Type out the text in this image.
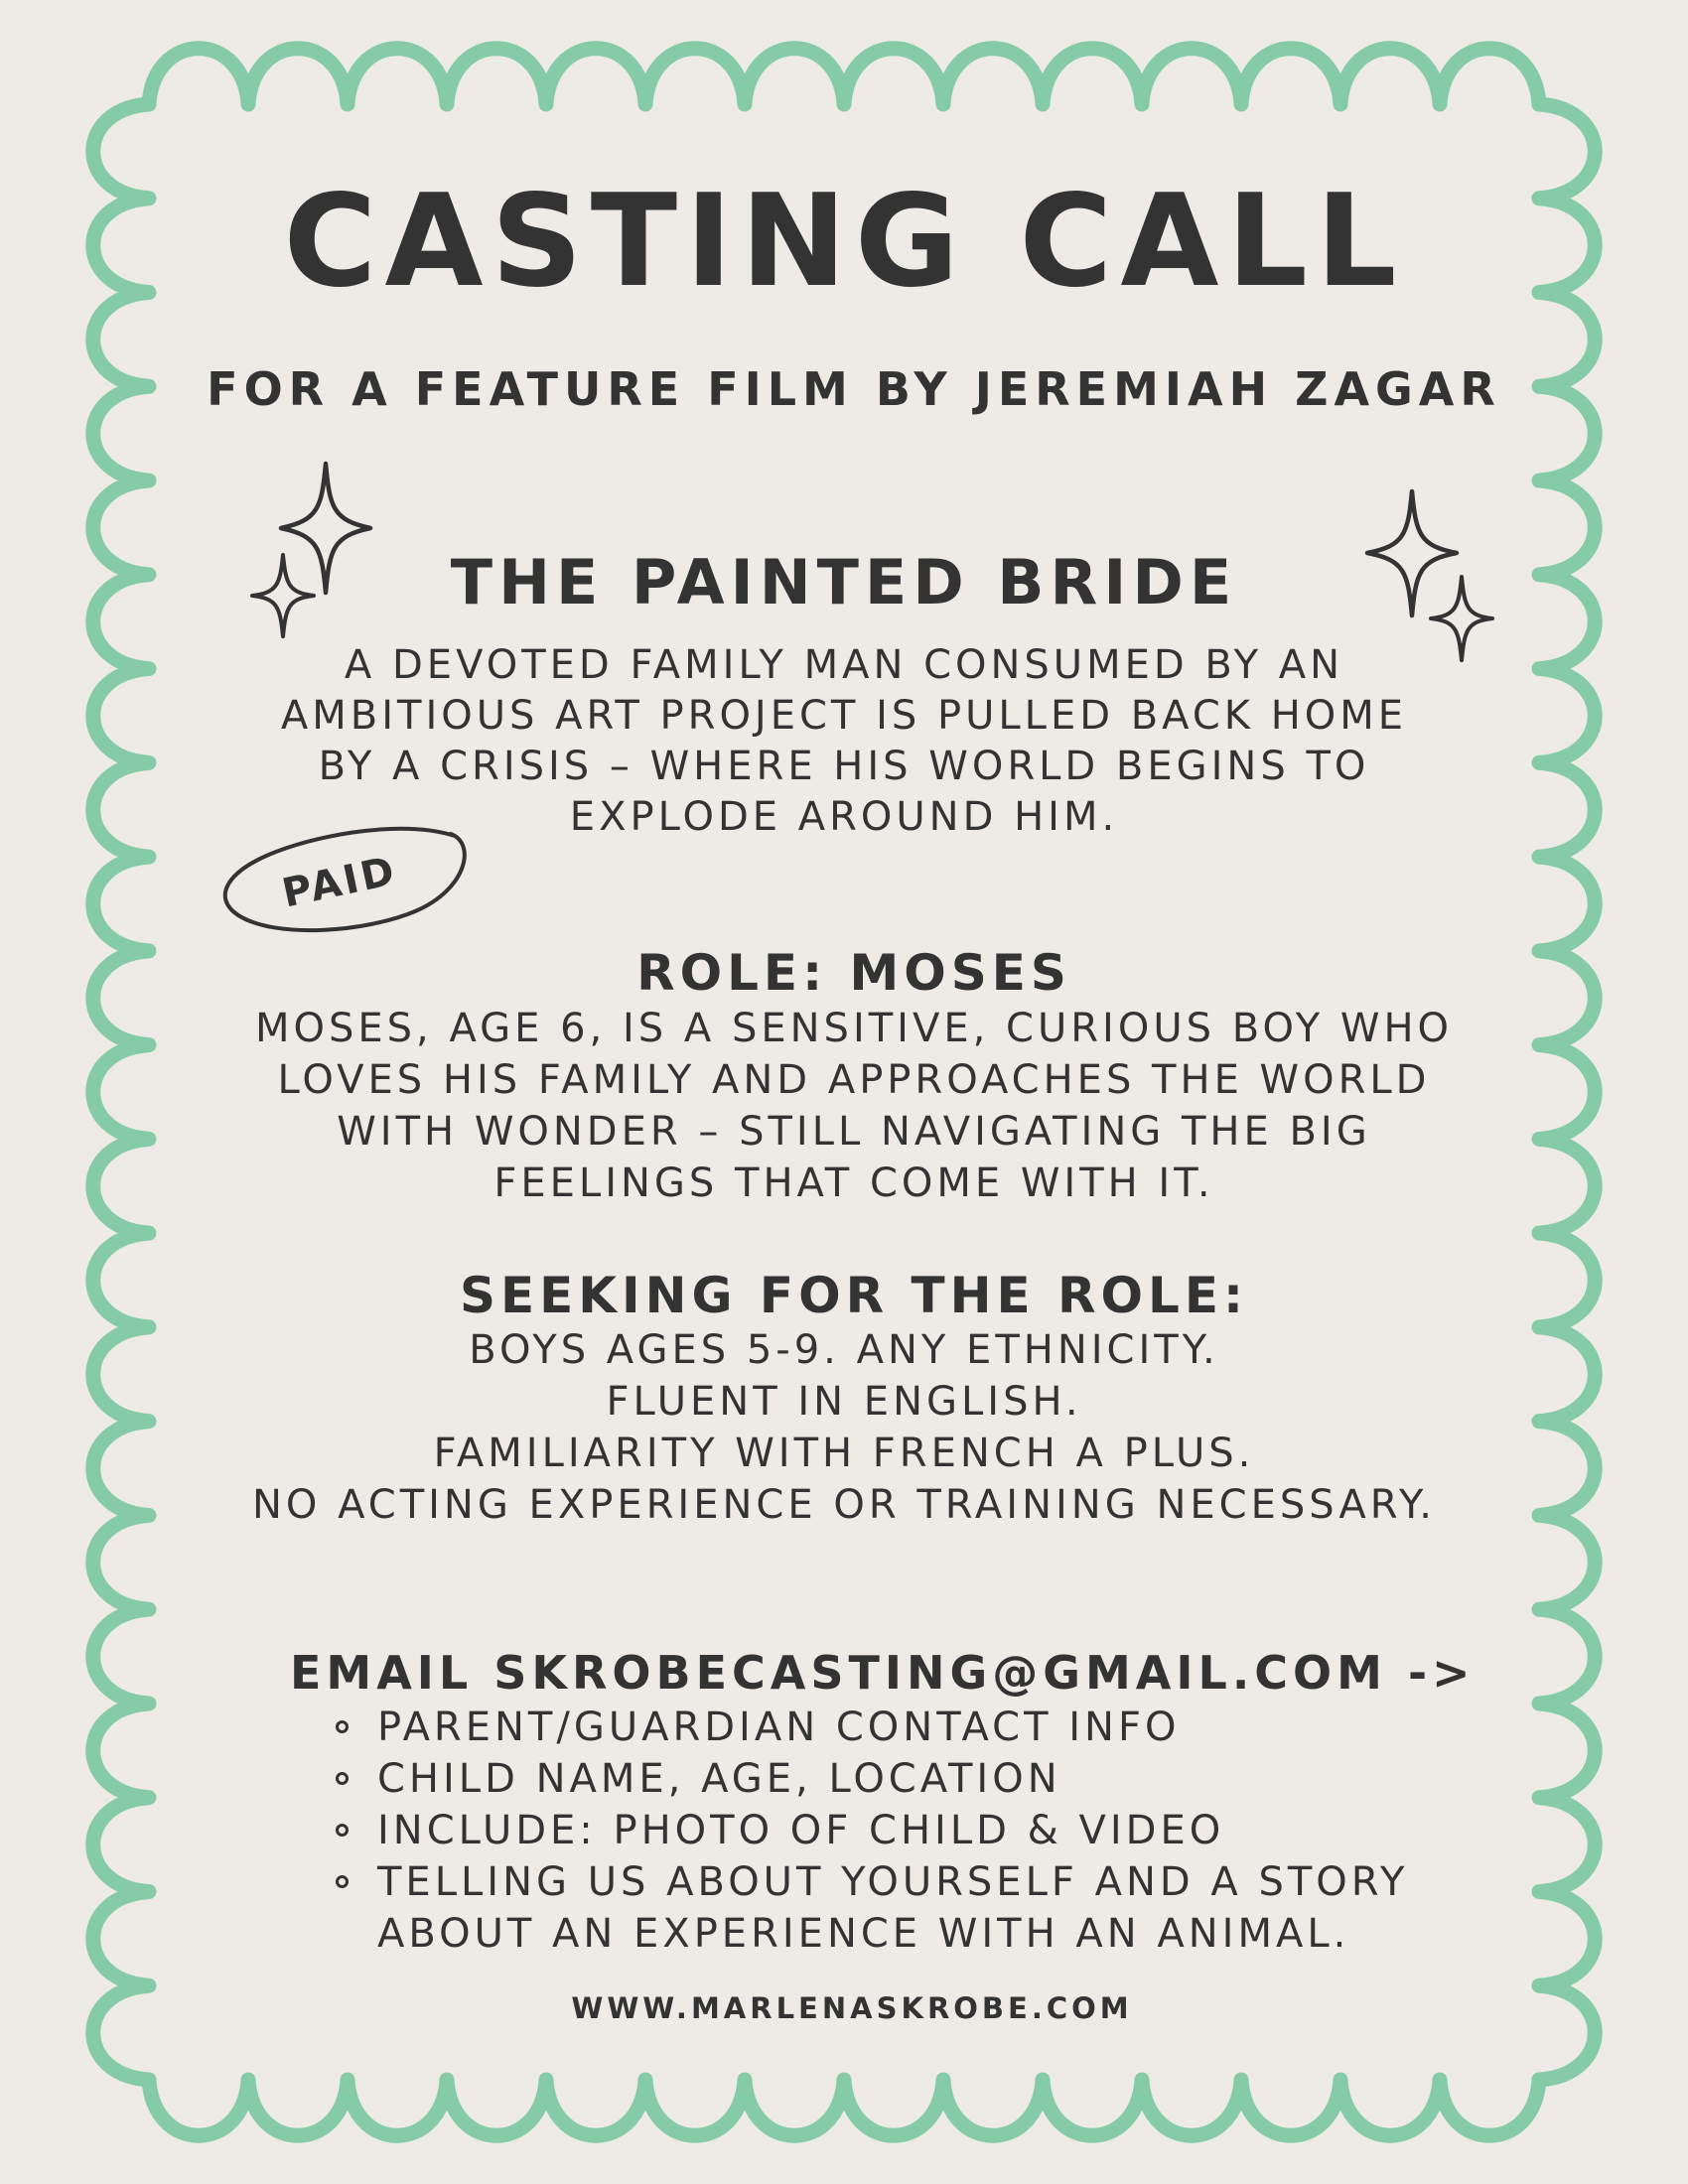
CASTING CALL
FOR A FEATURE FILM BY JEREMIAH ZAGAR
THE PAINTED BRIDE
A DEVOTED FAMILY MAN CONSUMED BY AN
AMBITIOUS ART PROJECT IS PULLED BACK HOME
BY A CRISIS – WHERE HIS WORLD BEGINS TO
EXPLODE AROUND HIM.
PAID
ROLE: MOSES
MOSES, AGE 6, IS A SENSITIVE, CURIOUS BOY WHO
LOVES HIS FAMILY AND APPROACHES THE WORLD
WITH WONDER – STILL NAVIGATING THE BIG
FEELINGS THAT COME WITH IT.
SEEKING FOR THE ROLE:
BOYS AGES 5-9. ANY ETHNICITY.
FLUENT IN ENGLISH.
FAMILIARITY WITH FRENCH A PLUS.
NO ACTING EXPERIENCE OR TRAINING NECESSARY.
EMAIL SKROBECASTING@GMAIL.COM ->
PARENT/GUARDIAN CONTACT INFO
CHILD NAME, AGE, LOCATION
INCLUDE: PHOTO OF CHILD & VIDEO
TELLING US ABOUT YOURSELF AND A STORY
ABOUT AN EXPERIENCE WITH AN ANIMAL.
WWW.MARLENASKROBE.COM
